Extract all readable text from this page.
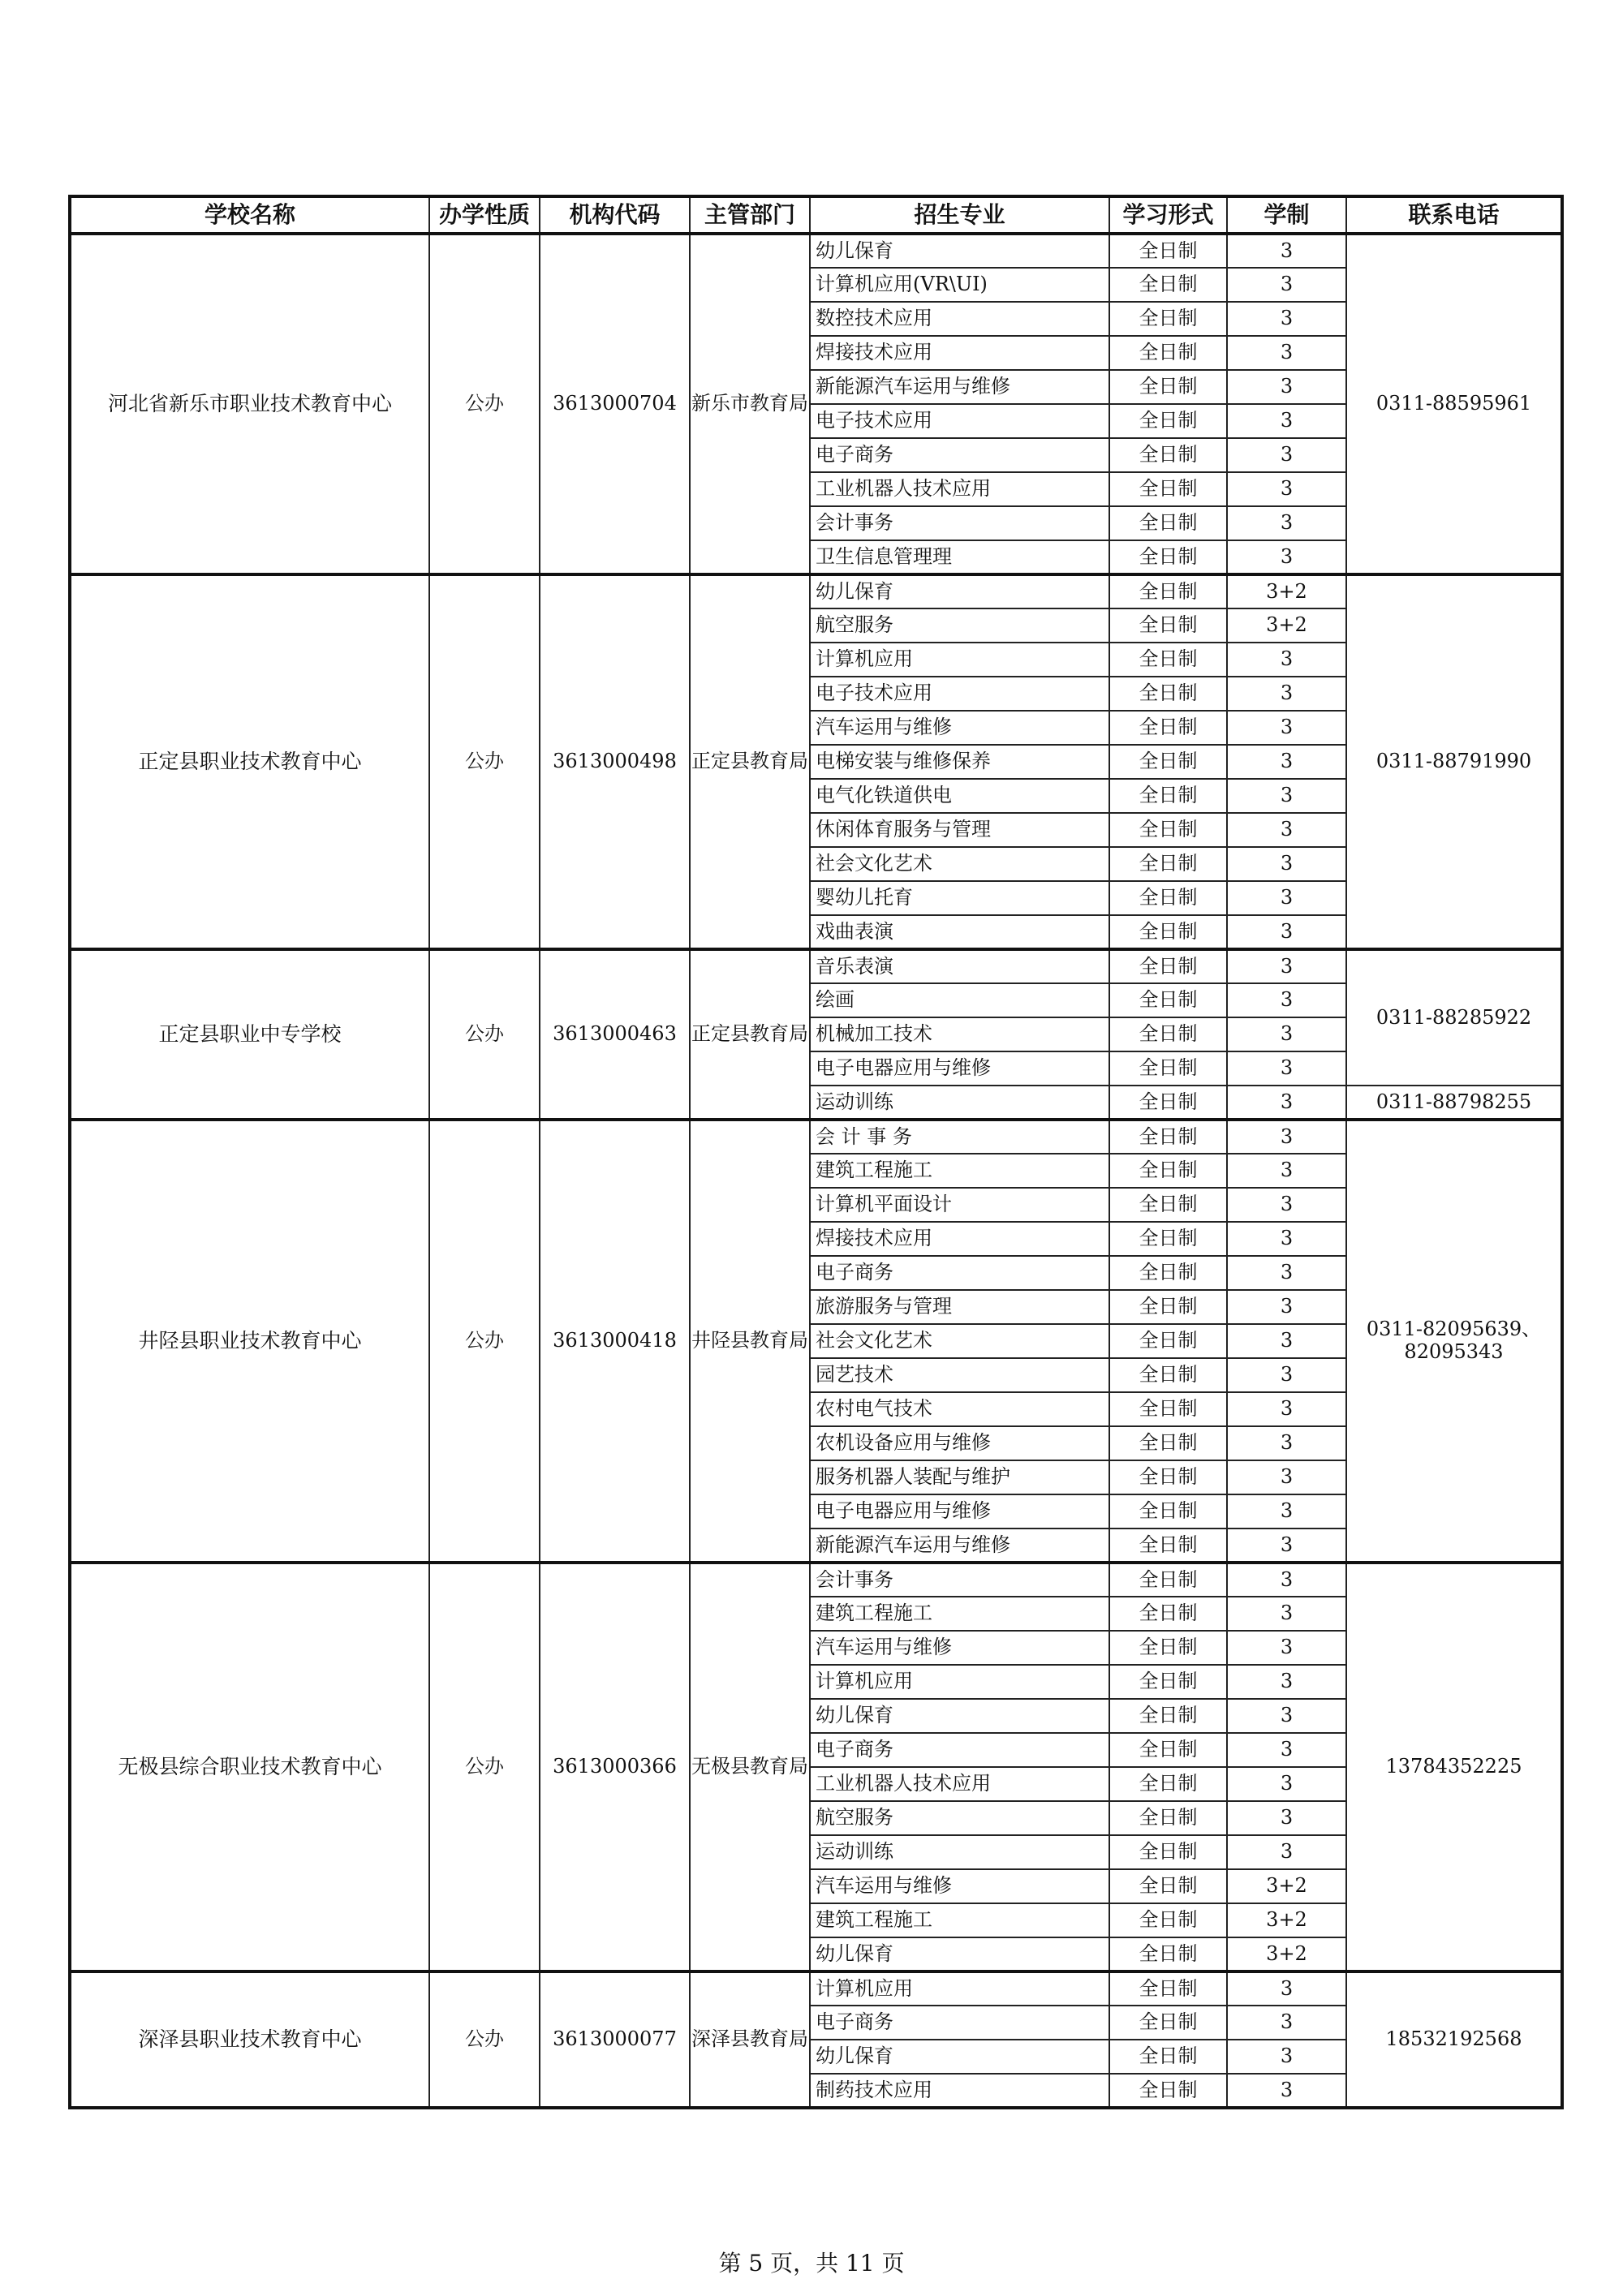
学校名称	办学性质	机构代码	主管部门	招生专业	学习形式	学制	联系电话
河北省新乐市职业技术教育中心	公办	3613000704	新乐市教育局	幼儿保育	全日制	3	0311-88595961
				计算机应用(VR\UI)	全日制	3	
				数控技术应用	全日制	3	
				焊接技术应用	全日制	3	
				新能源汽车运用与维修	全日制	3	
				电子技术应用	全日制	3	
				电子商务	全日制	3	
				工业机器人技术应用	全日制	3	
				会计事务	全日制	3	
				卫生信息管理理	全日制	3	
正定县职业技术教育中心	公办	3613000498	正定县教育局	幼儿保育	全日制	3+2	0311-88791990
				航空服务	全日制	3+2	
				计算机应用	全日制	3	
				电子技术应用	全日制	3	
				汽车运用与维修	全日制	3	
				电梯安装与维修保养	全日制	3	
				电气化铁道供电	全日制	3	
				休闲体育服务与管理	全日制	3	
				社会文化艺术	全日制	3	
				婴幼儿托育	全日制	3	
				戏曲表演	全日制	3	
正定县职业中专学校	公办	3613000463	正定县教育局	音乐表演	全日制	3	0311-88285922
				绘画	全日制	3	
				机械加工技术	全日制	3	
				电子电器应用与维修	全日制	3	
				运动训练	全日制	3	0311-88798255
井陉县职业技术教育中心	公办	3613000418	井陉县教育局	会 计 事 务	全日制	3	0311-82095639、82095343
				建筑工程施工	全日制	3	
				计算机平面设计	全日制	3	
				焊接技术应用	全日制	3	
				电子商务	全日制	3	
				旅游服务与管理	全日制	3	
				社会文化艺术	全日制	3	
				园艺技术	全日制	3	
				农村电气技术	全日制	3	
				农机设备应用与维修	全日制	3	
				服务机器人装配与维护	全日制	3	
				电子电器应用与维修	全日制	3	
				新能源汽车运用与维修	全日制	3	
无极县综合职业技术教育中心	公办	3613000366	无极县教育局	会计事务	全日制	3	13784352225
				建筑工程施工	全日制	3	
				汽车运用与维修	全日制	3	
				计算机应用	全日制	3	
				幼儿保育	全日制	3	
				电子商务	全日制	3	
				工业机器人技术应用	全日制	3	
				航空服务	全日制	3	
				运动训练	全日制	3	
				汽车运用与维修	全日制	3+2	
				建筑工程施工	全日制	3+2	
				幼儿保育	全日制	3+2	
深泽县职业技术教育中心	公办	3613000077	深泽县教育局	计算机应用	全日制	3	18532192568
				电子商务	全日制	3	
				幼儿保育	全日制	3	
				制药技术应用	全日制	3	
第 5 页，共 11 页
